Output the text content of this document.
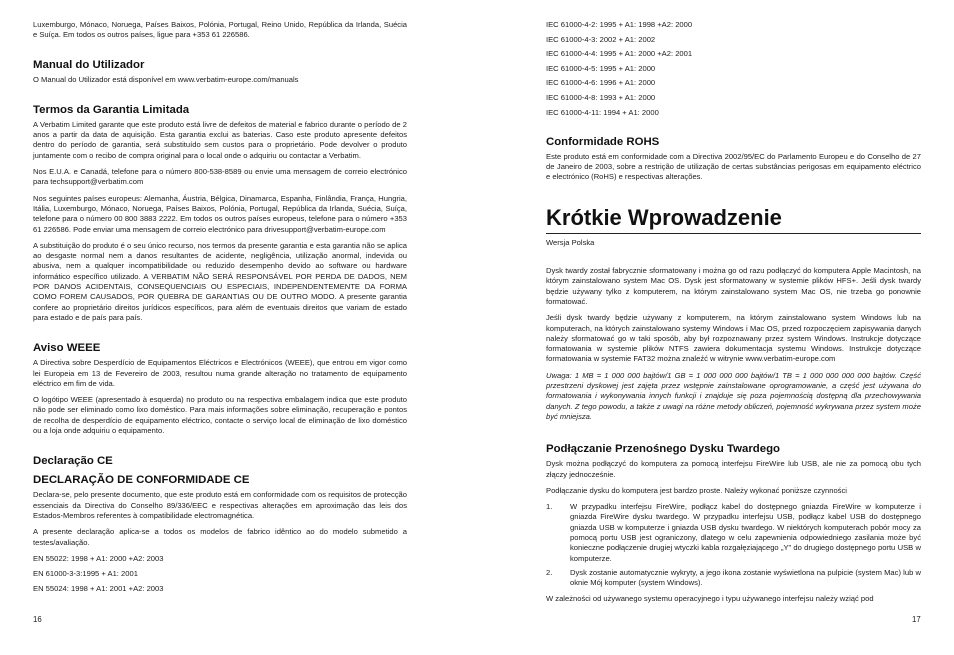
Luxemburgo, Mónaco, Noruega, Países Baixos, Polónia, Portugal, Reino Unido, República da Irlanda, Suécia e Suíça. Em todos os outros países, ligue para +353 61 226586.

Manual do Utilizador

O Manual do Utilizador está disponível em www.verbatim-europe.com/manuals

Termos da Garantia Limitada

A Verbatim Limited garante que este produto está livre de defeitos de material e fabrico durante o período de 2 anos a partir da data de aquisição. Esta garantia exclui as baterias. Caso este produto apresente defeitos dentro do período de garantia, será substituído sem custos para o proprietário. Pode devolver o produto juntamente com o recibo de compra original para o local onde o adquiriu ou contactar a Verbatim.

Nos E.U.A. e Canadá, telefone para o número 800-538-8589 ou envie uma mensagem de correio electrónico para techsupport@verbatim.com

Nos seguintes países europeus: Alemanha, Áustria, Bélgica, Dinamarca, Espanha, Finlândia, França, Hungria, Itália, Luxemburgo, Mónaco, Noruega, Países Baixos, Polónia, Portugal, República da Irlanda, Suécia, Suíça, telefone para o número 00 800 3883 2222. Em todos os outros países europeus, telefone para o número +353 61 226586. Pode enviar uma mensagem de correio electrónico para drivesupport@verbatim-europe.com

A substituição do produto é o seu único recurso, nos termos da presente garantia e esta garantia não se aplica ao desgaste normal nem a danos resultantes de acidente, negligência, utilização anormal, indevida ou abusiva, nem a qualquer incompatibilidade ou reduzido desempenho devido ao software ou hardware informático específico utilizado. A VERBATIM NÃO SERÁ RESPONSÁVEL POR PERDA DE DADOS, NEM POR DANOS ACIDENTAIS, CONSEQUENCIAIS OU ESPECIAIS, INDEPENDENTEMENTE DA FORMA COMO FOREM CAUSADOS, POR QUEBRA DE GARANTIAS OU DE OUTRO MODO. A presente garantia confere ao proprietário direitos jurídicos específicos, para além de eventuais direitos que variam de estado para estado e de país para país.

Aviso WEEE

A Directiva sobre Desperdício de Equipamentos Eléctricos e Electrónicos (WEEE), que entrou em vigor como lei Europeia em 13 de Fevereiro de 2003, resultou numa grande alteração no tratamento de equipamento eléctrico em fim de vida.

O logótipo WEEE (apresentado à esquerda) no produto ou na respectiva embalagem indica que este produto não pode ser eliminado como lixo doméstico. Para mais informações sobre eliminação, recuperação e pontos de recolha de desperdício de equipamento eléctrico, contacte o serviço local de eliminação de lixo doméstico ou a loja onde adquiriu o equipamento.

Declaração CE
DECLARAÇÃO DE CONFORMIDADE CE

Declara-se, pelo presente documento, que este produto está em conformidade com os requisitos de protecção essenciais da Directiva do Conselho 89/336/EEC e respectivas alterações em aproximação das leis dos Estados-Membros referentes à compatibilidade electromagnética.

A presente declaração aplica-se a todos os modelos de fabrico idêntico ao do modelo submetido a testes/avaliação.

EN 55022: 1998 + A1: 2000 +A2: 2003

EN 61000-3-3:1995 + A1: 2001

EN 55024: 1998 + A1: 2001 +A2: 2003

16

IEC 61000-4-2: 1995 + A1: 1998 +A2: 2000

IEC 61000-4-3: 2002 + A1: 2002

IEC 61000-4-4: 1995 + A1: 2000 +A2: 2001

IEC 61000-4-5: 1995 + A1: 2000

IEC 61000-4-6: 1996 + A1: 2000

IEC 61000-4-8: 1993 + A1: 2000

IEC 61000-4-11: 1994 + A1: 2000

Conformidade ROHS

Este produto está em conformidade com a Directiva 2002/95/EC do Parlamento Europeu e do Conselho de 27 de Janeiro de 2003, sobre a restrição de utilização de certas substâncias perigosas em equipamento eléctrico e electrónico (RoHS) e respectivas alterações.

Krótkie Wprowadzenie

Wersja Polska

Dysk twardy został fabrycznie sformatowany i można go od razu podłączyć do komputera Apple Macintosh, na którym zainstalowano system Mac OS. Dysk jest sformatowany w systemie plików HFS+. Jeśli dysk twardy będzie używany tylko z komputerem, na którym zainstalowano system Mac OS, nie trzeba go ponownie formatować.

Jeśli dysk twardy będzie używany z komputerem, na którym zainstalowano system Windows lub na komputerach, na których zainstalowano systemy Windows i Mac OS, przed rozpoczęciem zapisywania danych należy sformatować go w taki sposób, aby był rozpoznawany przez system Windows. Instrukcje dotyczące formatowania w systemie plików NTFS zawiera dokumentacja systemu Windows. Instrukcje dotyczące formatowania w systemie FAT32 można znaleźć w witrynie www.verbatim-europe.com

Uwaga: 1 MB = 1 000 000 bajtów/1 GB = 1 000 000 000 bajtów/1 TB = 1 000 000 000 000 bajtów. Część przestrzeni dyskowej jest zajęta przez wstępnie zainstalowane oprogramowanie, a część jest używana do formatowania i wykonywania innych funkcji i znajduje się poza pojemnością dostępną dla przechowywania danych. Z tego powodu, a także z uwagi na różne metody obliczeń, pojemność wykrywana przez system może być mniejsza.

Podłączanie Przenośnego Dysku Twardego

Dysk można podłączyć do komputera za pomocą interfejsu FireWire lub USB, ale nie za pomocą obu tych złączy jednocześnie.

Podłączanie dysku do komputera jest bardzo proste. Należy wykonać poniższe czynności

1.	W przypadku interfejsu FireWire, podłącz kabel do dostępnego gniazda FireWire w komputerze i gniazda FireWire dysku twardego. W przypadku interfejsu USB, podłącz kabel USB do dostępnego gniazda USB w komputerze i gniazda USB dysku twardego. W niektórych komputerach pobór mocy za pomocą portu USB jest ograniczony, dlatego w celu zapewnienia odpowiedniego zasilania może być konieczne podłączenie drugiej wtyczki kabla rozgałęziającego „Y” do drugiego dostępnego portu USB w komputerze.
2.	Dysk zostanie automatycznie wykryty, a jego ikona zostanie wyświetlona na pulpicie (system Mac) lub w oknie Mój komputer (system Windows).

W zależności od używanego systemu operacyjnego i typu używanego interfejsu należy wziąć pod

17
